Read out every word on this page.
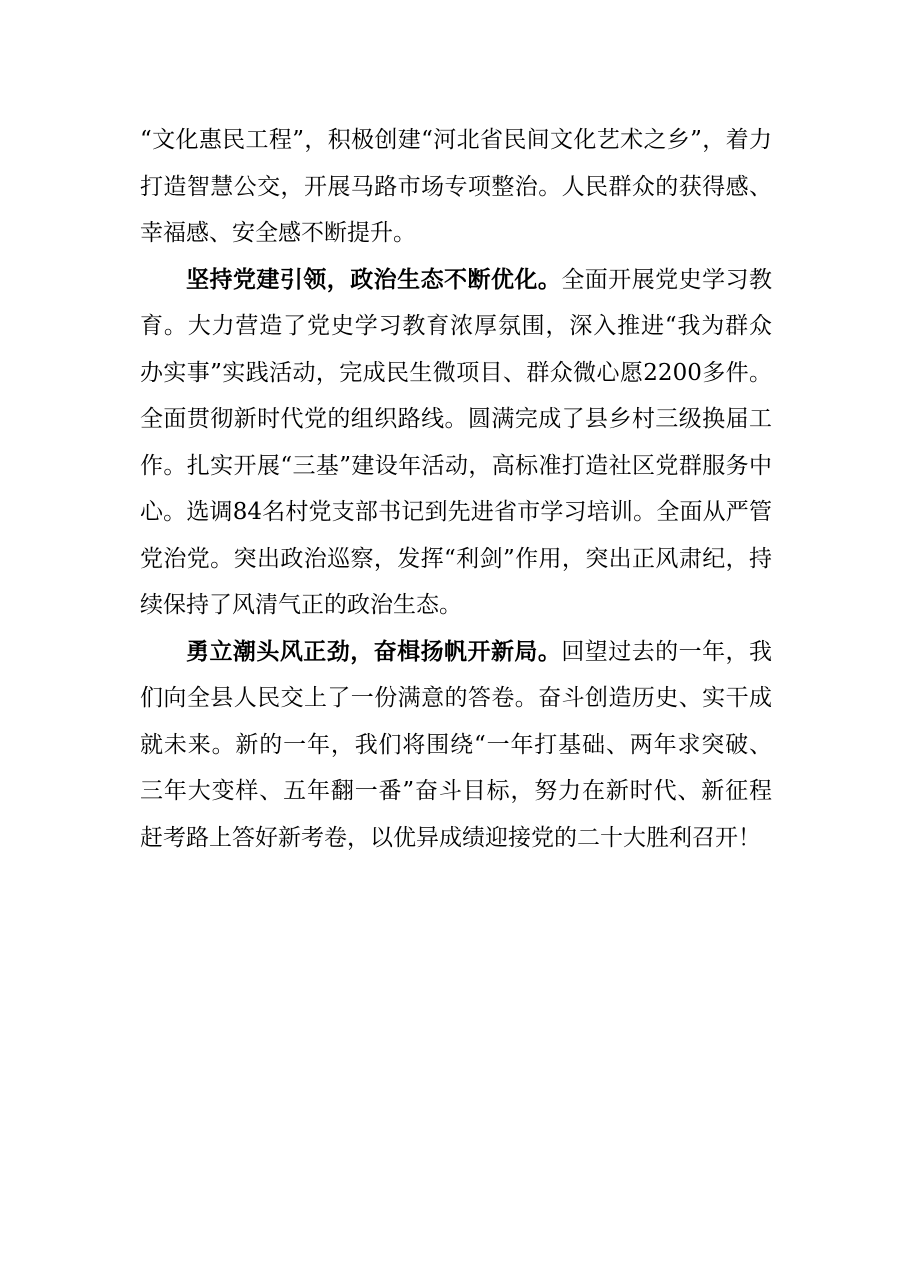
“文化惠民工程”，积极创建“河北省民间文化艺术之乡”，着力打造智慧公交，开展马路市场专项整治。人民群众的获得感、幸福感、安全感不断提升。

坚持党建引领，政治生态不断优化。全面开展党史学习教育。大力营造了党史学习教育浓厚氛围，深入推进“我为群众办实事”实践活动，完成民生微项目、群众微心愿2200多件。全面贯彻新时代党的组织路线。圆满完成了县乡村三级换届工作。扎实开展“三基”建设年活动，高标准打造社区党群服务中心。选调84名村党支部书记到先进省市学习培训。全面从严管党治党。突出政治巡察，发挥“利剑”作用，突出正风肃纪，持续保持了风清气正的政治生态。

勇立潮头风正劲，奋楫扬帆开新局。回望过去的一年，我们向全县人民交上了一份满意的答卷。奋斗创造历史、实干成就未来。新的一年，我们将围绕“一年打基础、两年求突破、三年大变样、五年翻一番”奋斗目标，努力在新时代、新征程赶考路上答好新考卷，以优异成绩迎接党的二十大胜利召开！
